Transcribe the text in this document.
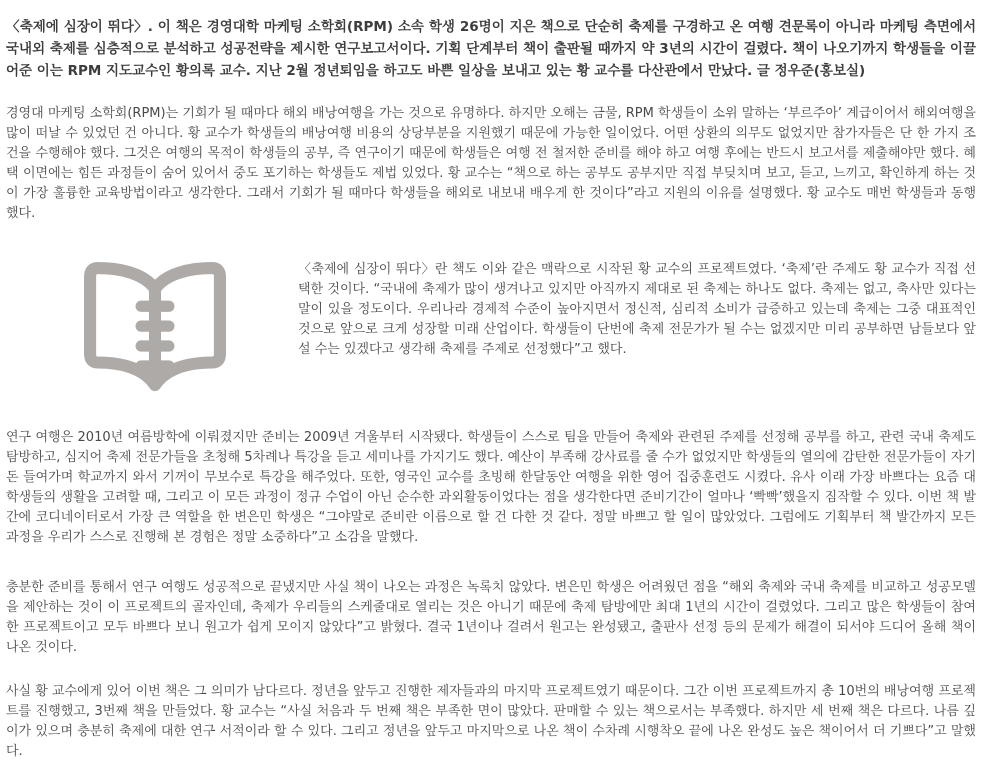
〈축제에 심장이 뛰다〉. 이 책은 경영대학 마케팅 소학회(RPM) 소속 학생 26명이 지은 책으로 단순히 축제를 구경하고 온 여행 견문록이 아니라 마케팅 측면에서 국내외 축제를 심층적으로 분석하고 성공전략을 제시한 연구보고서이다. 기획 단계부터 책이 출판될 때까지 약 3년의 시간이 걸렸다. 책이 나오기까지 학생들을 이끌어준 이는 RPM 지도교수인 황의록 교수. 지난 2월 정년퇴임을 하고도 바쁜 일상을 보내고 있는 황 교수를 다산관에서 만났다. 글 정우준(홍보실)

경영대 마케팅 소학회(RPM)는 기회가 될 때마다 해외 배낭여행을 가는 것으로 유명하다. 하지만 오해는 금물, RPM 학생들이 소위 말하는 ‘부르주아’ 계급이어서 해외여행을 많이 떠날 수 있었던 건 아니다. 황 교수가 학생들의 배낭여행 비용의 상당부분을 지원했기 때문에 가능한 일이었다. 어떤 상환의 의무도 없었지만 참가자들은 단 한 가지 조건을 수행해야 했다. 그것은 여행의 목적이 학생들의 공부, 즉 연구이기 때문에 학생들은 여행 전 철저한 준비를 해야 하고 여행 후에는 반드시 보고서를 제출해야만 했다. 혜택 이면에는 힘든 과정들이 숨어 있어서 중도 포기하는 학생들도 제법 있었다. 황 교수는 “책으로 하는 공부도 공부지만 직접 부딪치며 보고, 듣고, 느끼고, 확인하게 하는 것이 가장 훌륭한 교육방법이라고 생각한다. 그래서 기회가 될 때마다 학생들을 해외로 내보내 배우게 한 것이다”라고 지원의 이유를 설명했다. 황 교수도 매번 학생들과 동행했다.

〈축제에 심장이 뛰다〉란 책도 이와 같은 맥락으로 시작된 황 교수의 프로젝트였다. ‘축제’란 주제도 황 교수가 직접 선택한 것이다. “국내에 축제가 많이 생겨나고 있지만 아직까지 제대로 된 축제는 하나도 없다. 축제는 없고, 축사만 있다는 말이 있을 정도이다. 우리나라 경제적 수준이 높아지면서 정신적, 심리적 소비가 급증하고 있는데 축제는 그중 대표적인 것으로 앞으로 크게 성장할 미래 산업이다. 학생들이 단번에 축제 전문가가 될 수는 없겠지만 미리 공부하면 남들보다 앞설 수는 있겠다고 생각해 축제를 주제로 선정했다”고 했다.

연구 여행은 2010년 여름방학에 이뤄졌지만 준비는 2009년 겨울부터 시작됐다. 학생들이 스스로 팀을 만들어 축제와 관련된 주제를 선정해 공부를 하고, 관련 국내 축제도 탐방하고, 심지어 축제 전문가들을 초청해 5차례나 특강을 듣고 세미나를 가지기도 했다. 예산이 부족해 강사료를 줄 수가 없었지만 학생들의 열의에 감탄한 전문가들이 자기 돈 들여가며 학교까지 와서 기꺼이 무보수로 특강을 해주었다. 또한, 영국인 교수를 초빙해 한달동안 여행을 위한 영어 집중훈련도 시켰다. 유사 이래 가장 바쁘다는 요즘 대학생들의 생활을 고려할 때, 그리고 이 모든 과정이 정규 수업이 아닌 순수한 과외활동이었다는 점을 생각한다면 준비기간이 얼마나 ‘빡빡’했을지 짐작할 수 있다. 이번 책 발간에 코디네이터로서 가장 큰 역할을 한 변은민 학생은 “그야말로 준비란 이름으로 할 건 다한 것 같다. 정말 바쁘고 할 일이 많았었다. 그럼에도 기획부터 책 발간까지 모든 과정을 우리가 스스로 진행해 본 경험은 정말 소중하다”고 소감을 말했다.

충분한 준비를 통해서 연구 여행도 성공적으로 끝냈지만 사실 책이 나오는 과정은 녹록치 않았다. 변은민 학생은 어려웠던 점을 “해외 축제와 국내 축제를 비교하고 성공모델을 제안하는 것이 이 프로젝트의 골자인데, 축제가 우리들의 스케줄대로 열리는 것은 아니기 때문에 축제 탐방에만 최대 1년의 시간이 걸렸었다. 그리고 많은 학생들이 참여한 프로젝트이고 모두 바쁘다 보니 원고가 쉽게 모이지 않았다”고 밝혔다. 결국 1년이나 걸려서 원고는 완성됐고, 출판사 선정 등의 문제가 해결이 되서야 드디어 올해 책이 나온 것이다.

사실 황 교수에게 있어 이번 책은 그 의미가 남다르다. 정년을 앞두고 진행한 제자들과의 마지막 프로젝트였기 때문이다. 그간 이번 프로젝트까지 총 10번의 배낭여행 프로젝트를 진행했고, 3번째 책을 만들었다. 황 교수는 “사실 처음과 두 번째 책은 부족한 면이 많았다. 판매할 수 있는 책으로서는 부족했다. 하지만 세 번째 책은 다르다. 나름 깊이가 있으며 충분히 축제에 대한 연구 서적이라 할 수 있다. 그리고 정년을 앞두고 마지막으로 나온 책이 수차례 시행착오 끝에 나온 완성도 높은 책이어서 더 기쁘다”고 말했다.
